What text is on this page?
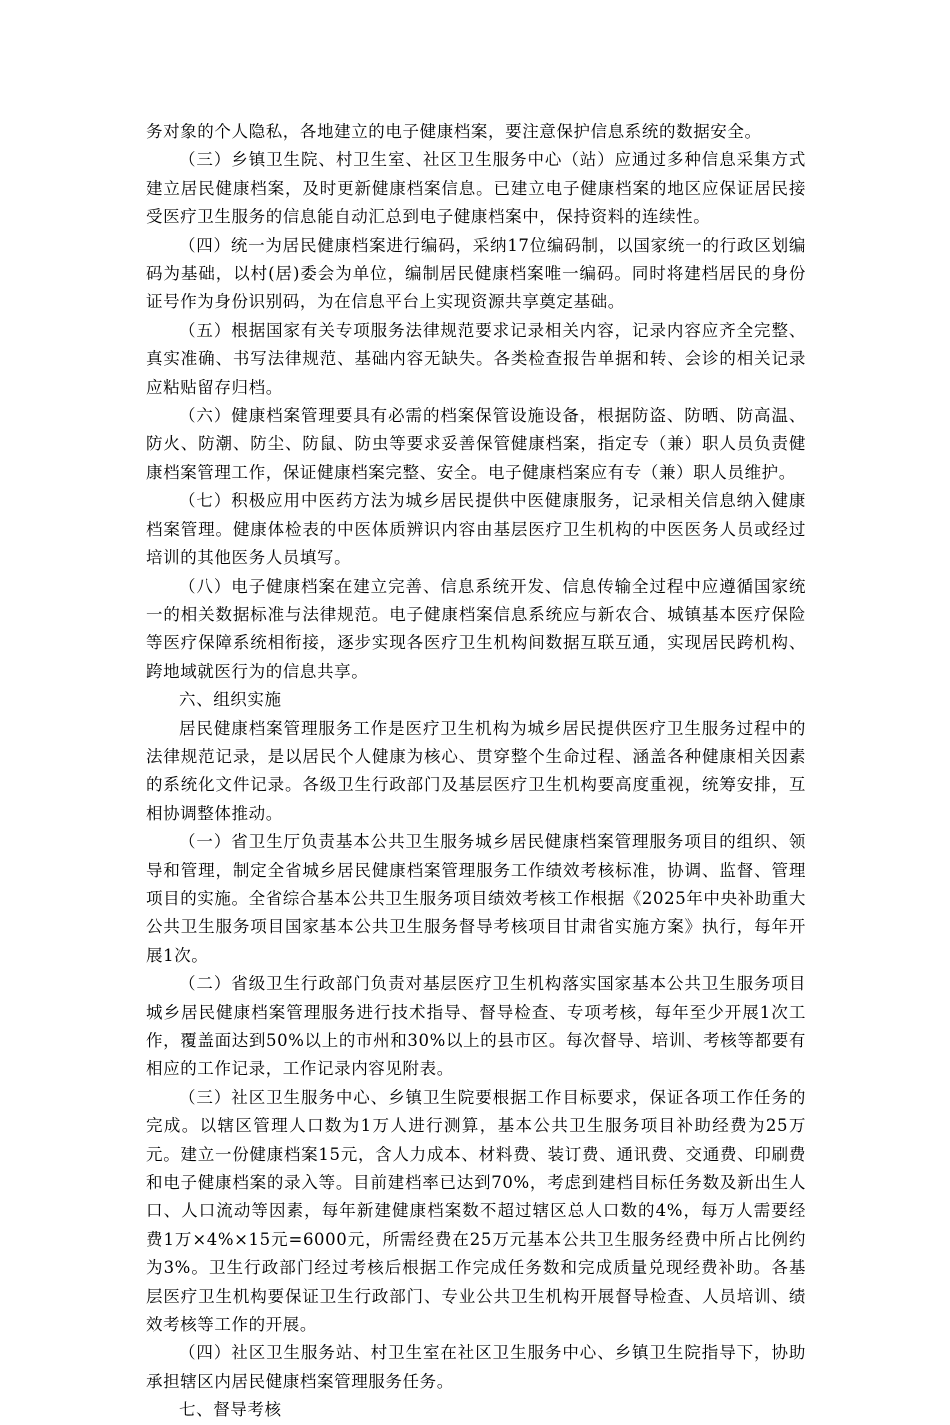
务对象的个人隐私，各地建立的电子健康档案，要注意保护信息系统的数据安全。

（三）乡镇卫生院、村卫生室、社区卫生服务中心（站）应通过多种信息采集方式建立居民健康档案，及时更新健康档案信息。已建立电子健康档案的地区应保证居民接受医疗卫生服务的信息能自动汇总到电子健康档案中，保持资料的连续性。

（四）统一为居民健康档案进行编码，采纳17位编码制，以国家统一的行政区划编码为基础，以村(居)委会为单位，编制居民健康档案唯一编码。同时将建档居民的身份证号作为身份识别码，为在信息平台上实现资源共享奠定基础。

（五）根据国家有关专项服务法律规范要求记录相关内容，记录内容应齐全完整、真实准确、书写法律规范、基础内容无缺失。各类检查报告单据和转、会诊的相关记录应粘贴留存归档。

（六）健康档案管理要具有必需的档案保管设施设备，根据防盗、防晒、防高温、防火、防潮、防尘、防鼠、防虫等要求妥善保管健康档案，指定专（兼）职人员负责健康档案管理工作，保证健康档案完整、安全。电子健康档案应有专（兼）职人员维护。

（七）积极应用中医药方法为城乡居民提供中医健康服务，记录相关信息纳入健康档案管理。健康体检表的中医体质辨识内容由基层医疗卫生机构的中医医务人员或经过培训的其他医务人员填写。

（八）电子健康档案在建立完善、信息系统开发、信息传输全过程中应遵循国家统一的相关数据标准与法律规范。电子健康档案信息系统应与新农合、城镇基本医疗保险等医疗保障系统相衔接，逐步实现各医疗卫生机构间数据互联互通，实现居民跨机构、跨地域就医行为的信息共享。

六、组织实施

居民健康档案管理服务工作是医疗卫生机构为城乡居民提供医疗卫生服务过程中的法律规范记录，是以居民个人健康为核心、贯穿整个生命过程、涵盖各种健康相关因素的系统化文件记录。各级卫生行政部门及基层医疗卫生机构要高度重视，统筹安排，互相协调整体推动。

（一）省卫生厅负责基本公共卫生服务城乡居民健康档案管理服务项目的组织、领导和管理，制定全省城乡居民健康档案管理服务工作绩效考核标准，协调、监督、管理项目的实施。全省综合基本公共卫生服务项目绩效考核工作根据《2025年中央补助重大公共卫生服务项目国家基本公共卫生服务督导考核项目甘肃省实施方案》执行，每年开展1次。

（二）省级卫生行政部门负责对基层医疗卫生机构落实国家基本公共卫生服务项目城乡居民健康档案管理服务进行技术指导、督导检查、专项考核，每年至少开展1次工作，覆盖面达到50%以上的市州和30%以上的县市区。每次督导、培训、考核等都要有相应的工作记录，工作记录内容见附表。

（三）社区卫生服务中心、乡镇卫生院要根据工作目标要求，保证各项工作任务的完成。以辖区管理人口数为1万人进行测算，基本公共卫生服务项目补助经费为25万元。建立一份健康档案15元，含人力成本、材料费、装订费、通讯费、交通费、印刷费和电子健康档案的录入等。目前建档率已达到70%，考虑到建档目标任务数及新出生人口、人口流动等因素，每年新建健康档案数不超过辖区总人口数的4%，每万人需要经费1万×4%×15元=6000元，所需经费在25万元基本公共卫生服务经费中所占比例约为3%。卫生行政部门经过考核后根据工作完成任务数和完成质量兑现经费补助。各基层医疗卫生机构要保证卫生行政部门、专业公共卫生机构开展督导检查、人员培训、绩效考核等工作的开展。

（四）社区卫生服务站、村卫生室在社区卫生服务中心、乡镇卫生院指导下，协助承担辖区内居民健康档案管理服务任务。

七、督导考核
